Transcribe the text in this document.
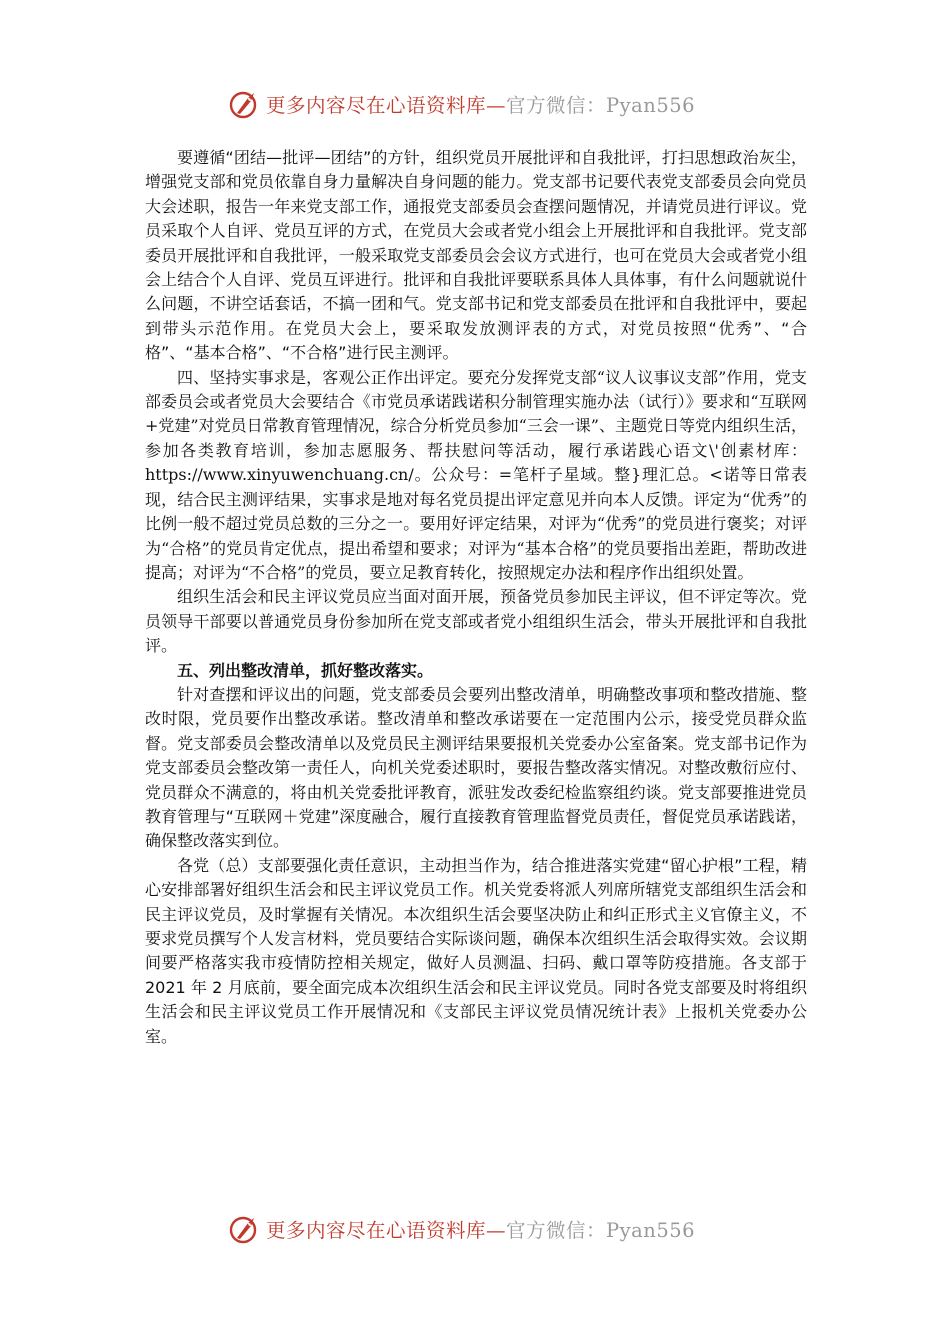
更多内容尽在心语资料库—官方微信：Pyan556

要遵循“团结—批评—团结”的方针，组织党员开展批评和自我批评，打扫思想政治灰尘，增强党支部和党员依靠自身力量解决自身问题的能力。党支部书记要代表党支部委员会向党员大会述职，报告一年来党支部工作，通报党支部委员会查摆问题情况，并请党员进行评议。党员采取个人自评、党员互评的方式，在党员大会或者党小组会上开展批评和自我批评。党支部委员开展批评和自我批评，一般采取党支部委员会会议方式进行，也可在党员大会或者党小组会上结合个人自评、党员互评进行。批评和自我批评要联系具体人具体事，有什么问题就说什么问题，不讲空话套话，不搞一团和气。党支部书记和党支部委员在批评和自我批评中，要起到带头示范作用。在党员大会上，要采取发放测评表的方式，对党员按照“优秀”、“合格”、“基本合格”、“不合格”进行民主测评。

四、坚持实事求是，客观公正作出评定。要充分发挥党支部“议人议事议支部”作用，党支部委员会或者党员大会要结合《市党员承诺践诺积分制管理实施办法（试行）》要求和“互联网+党建”对党员日常教育管理情况，综合分析党员参加“三会一课”、主题党日等党内组织生活，参加各类教育培训，参加志愿服务、帮扶慰问等活动，履行承诺践心语文\'创素材库：https://www.xinyuwenchuang.cn/。公众号：=笔杆子星域。整}理汇总。<诺等日常表现，结合民主测评结果，实事求是地对每名党员提出评定意见并向本人反馈。评定为“优秀”的比例一般不超过党员总数的三分之一。要用好评定结果，对评为“优秀”的党员进行褒奖；对评为“合格”的党员肯定优点，提出希望和要求；对评为“基本合格”的党员要指出差距，帮助改进提高；对评为“不合格”的党员，要立足教育转化，按照规定办法和程序作出组织处置。

组织生活会和民主评议党员应当面对面开展，预备党员参加民主评议，但不评定等次。党员领导干部要以普通党员身份参加所在党支部或者党小组组织生活会，带头开展批评和自我批评。

五、列出整改清单，抓好整改落实。

针对查摆和评议出的问题，党支部委员会要列出整改清单，明确整改事项和整改措施、整改时限，党员要作出整改承诺。整改清单和整改承诺要在一定范围内公示，接受党员群众监督。党支部委员会整改清单以及党员民主测评结果要报机关党委办公室备案。党支部书记作为党支部委员会整改第一责任人，向机关党委述职时，要报告整改落实情况。对整改敷衍应付、党员群众不满意的，将由机关党委批评教育，派驻发改委纪检监察组约谈。党支部要推进党员教育管理与“互联网＋党建”深度融合，履行直接教育管理监督党员责任，督促党员承诺践诺，确保整改落实到位。

各党（总）支部要强化责任意识，主动担当作为，结合推进落实党建“留心护根”工程，精心安排部署好组织生活会和民主评议党员工作。机关党委将派人列席所辖党支部组织生活会和民主评议党员，及时掌握有关情况。本次组织生活会要坚决防止和纠正形式主义官僚主义，不要求党员撰写个人发言材料，党员要结合实际谈问题，确保本次组织生活会取得实效。会议期间要严格落实我市疫情防控相关规定，做好人员测温、扫码、戴口罩等防疫措施。各支部于 2021 年 2 月底前，要全面完成本次组织生活会和民主评议党员。同时各党支部要及时将组织生活会和民主评议党员工作开展情况和《支部民主评议党员情况统计表》上报机关党委办公室。

更多内容尽在心语资料库—官方微信：Pyan556
